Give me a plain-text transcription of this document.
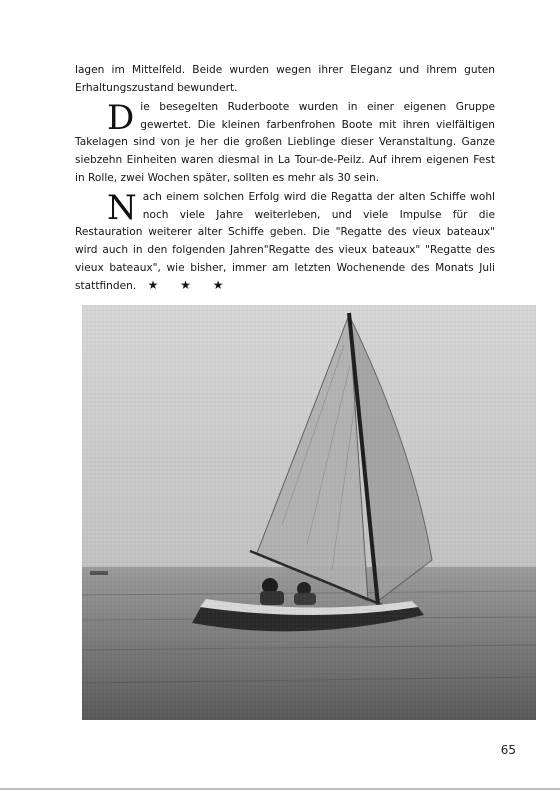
lagen im Mittelfeld. Beide wurden wegen ihrer Eleganz und ihrem guten Erhaltungszustand bewundert.

Die besegelten Ruderboote wurden in einer eigenen Gruppe gewertet. Die kleinen farbenfrohen Boote mit ihren vielfältigen Takelagen sind von je her die großen Lieblinge dieser Veranstaltung. Ganze siebzehn Einheiten waren diesmal in La Tour-de-Peilz. Auf ihrem eigenen Fest in Rolle, zwei Wochen später, sollten es mehr als 30 sein.

Nach einem solchen Erfolg wird die Regatta der alten Schiffe wohl noch viele Jahre weiterleben, und viele Impulse für die Restauration weiterer alter Schiffe geben. Die "Regatte des vieux bateaux" wird auch in den folgenden Jahren"Regatte des vieux bateaux" "Regatte des vieux bateaux", wie bisher, immer am letzten Wochenende des Monats Juli stattfinden. ★ ★ ★

65
